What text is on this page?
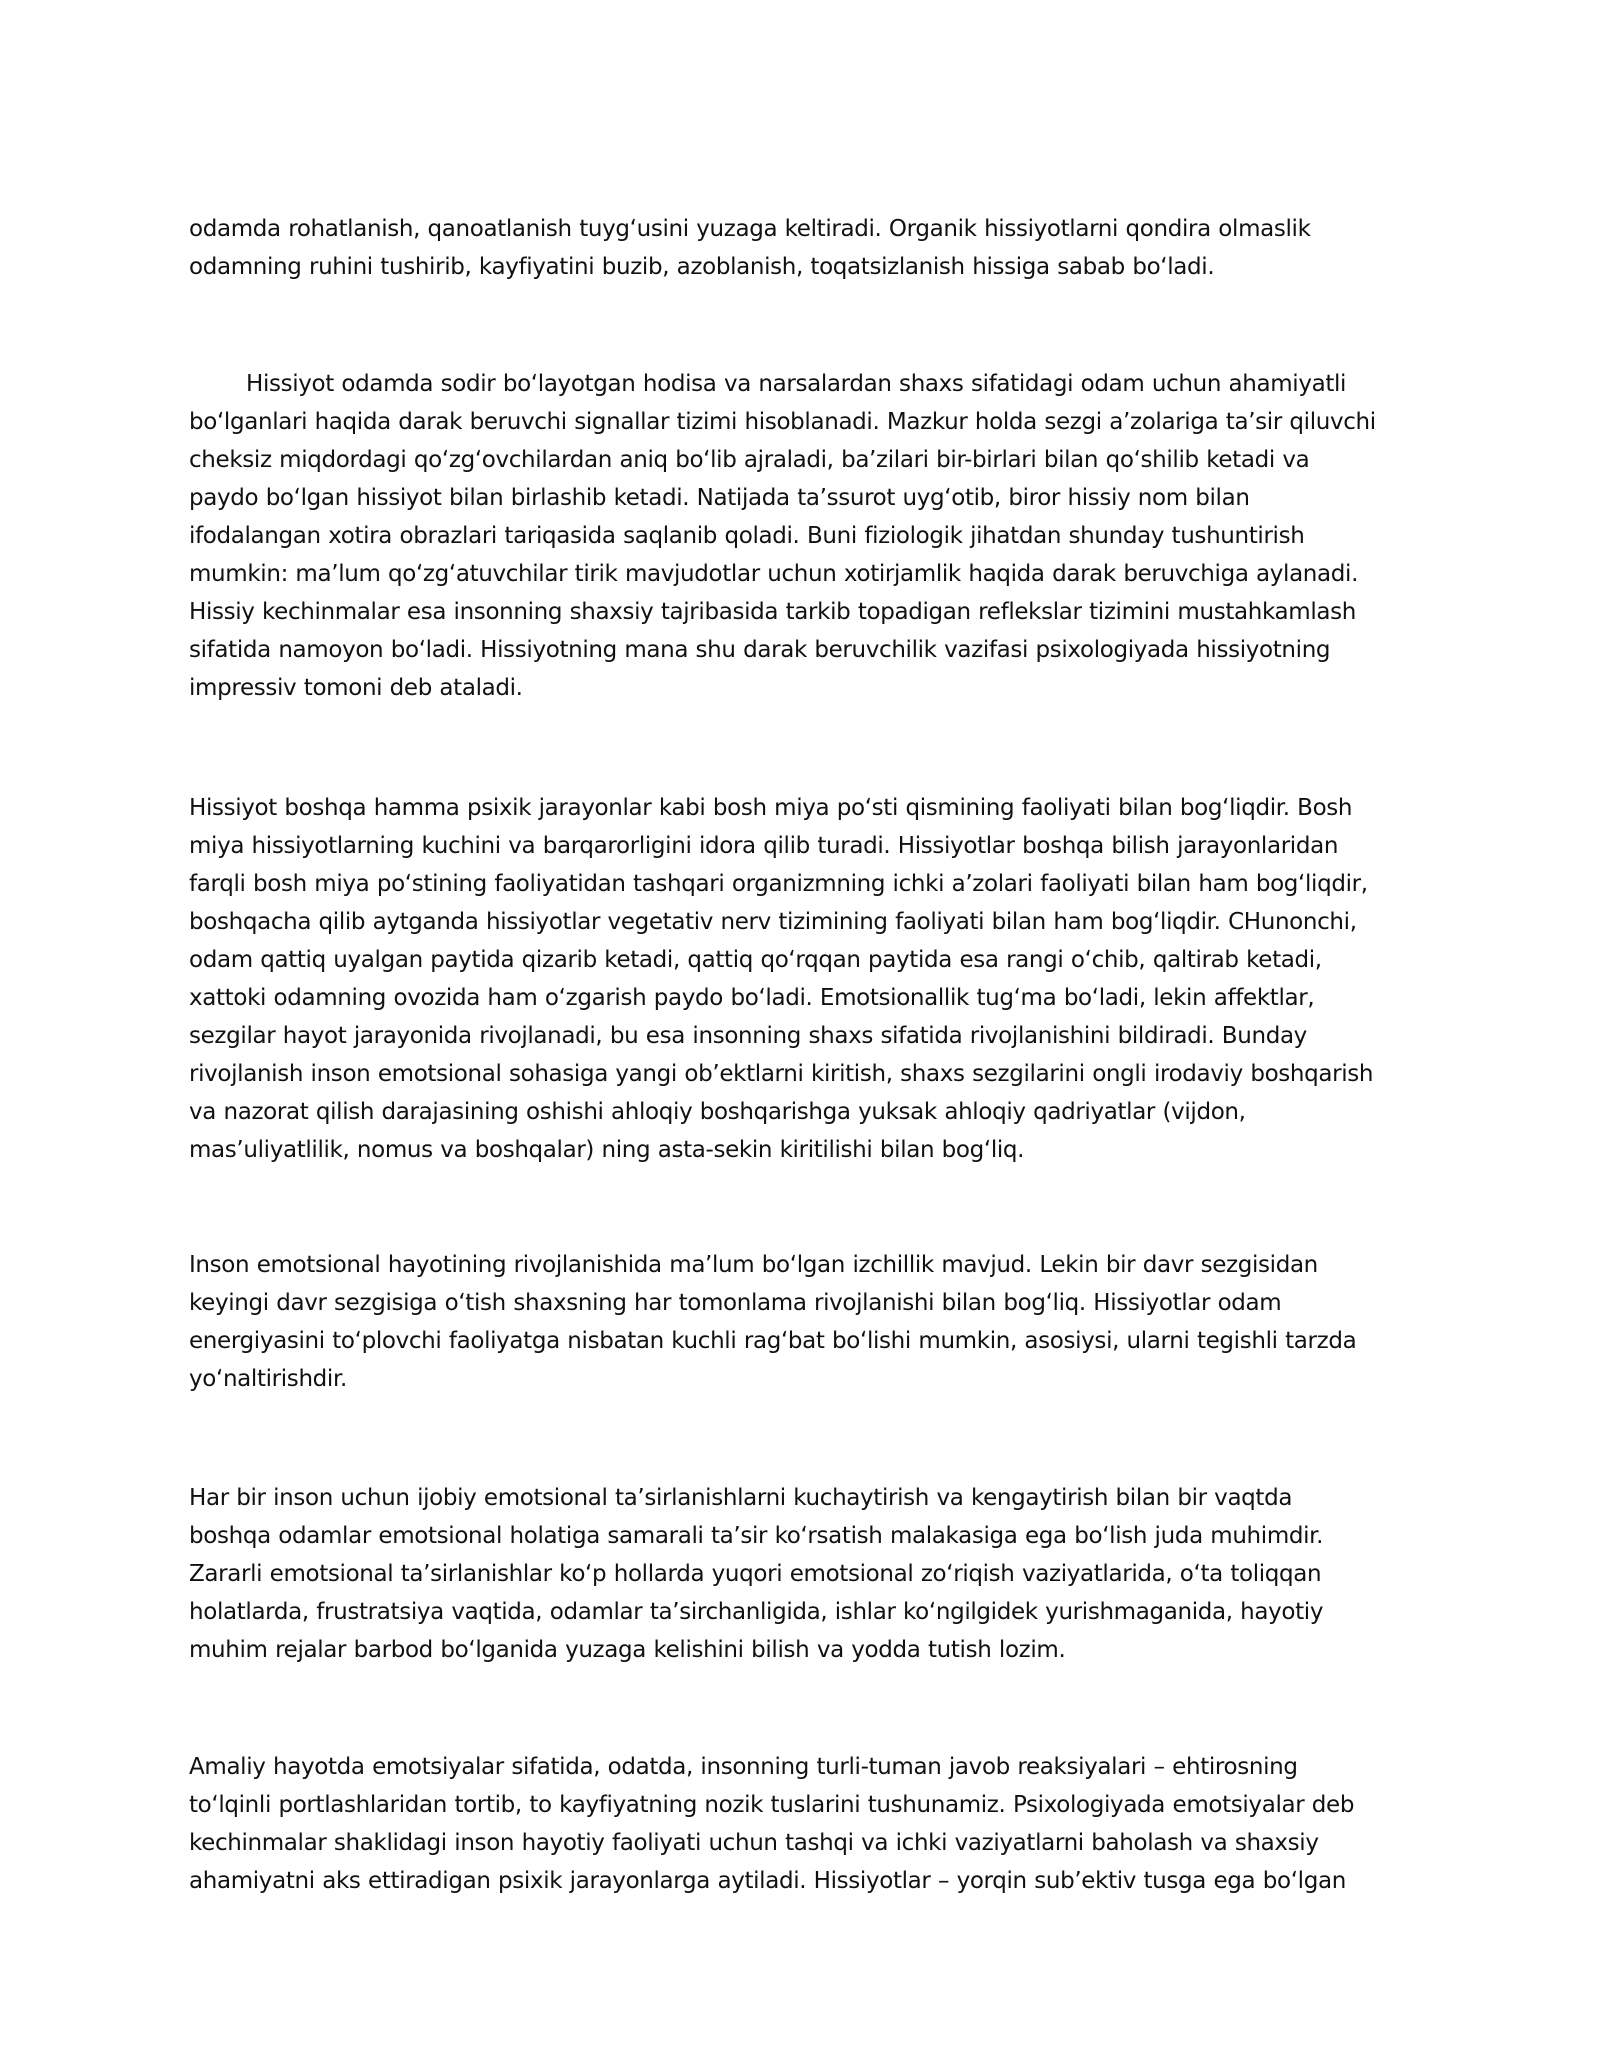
odamda rohatlanish, qanoatlanish tuygʻusini yuzaga keltiradi. Organik hissiyotlarni qondira olmaslik
odamning ruhini tushirib, kayfiyatini buzib, azoblanish, toqatsizlanish hissiga sabab boʻladi.

Hissiyot odamda sodir boʻlayotgan hodisa va narsalardan shaxs sifatidagi odam uchun ahamiyatli
boʻlganlari haqida darak beruvchi signallar tizimi hisoblanadi. Mazkur holda sezgi a’zolariga ta’sir qiluvchi
cheksiz miqdordagi qoʻzgʻovchilardan aniq boʻlib ajraladi, ba’zilari bir-birlari bilan qoʻshilib ketadi va
paydo boʻlgan hissiyot bilan birlashib ketadi. Natijada ta’ssurot uygʻotib, biror hissiy nom bilan
ifodalangan xotira obrazlari tariqasida saqlanib qoladi. Buni fiziologik jihatdan shunday tushuntirish
mumkin: ma’lum qoʻzgʻatuvchilar tirik mavjudotlar uchun xotirjamlik haqida darak beruvchiga aylanadi.
Hissiy kechinmalar esa insonning shaxsiy tajribasida tarkib topadigan reflekslar tizimini mustahkamlash
sifatida namoyon boʻladi. Hissiyotning mana shu darak beruvchilik vazifasi psixologiyada hissiyotning
impressiv tomoni deb ataladi.

Hissiyot boshqa hamma psixik jarayonlar kabi bosh miya poʻsti qismining faoliyati bilan bogʻliqdir. Bosh
miya hissiyotlarning kuchini va barqarorligini idora qilib turadi. Hissiyotlar boshqa bilish jarayonlaridan
farqli bosh miya poʻstining faoliyatidan tashqari organizmning ichki a’zolari faoliyati bilan ham bogʻliqdir,
boshqacha qilib aytganda hissiyotlar vegetativ nerv tizimining faoliyati bilan ham bogʻliqdir. CHunonchi,
odam qattiq uyalgan paytida qizarib ketadi, qattiq qoʻrqqan paytida esa rangi oʻchib, qaltirab ketadi,
xattoki odamning ovozida ham oʻzgarish paydo boʻladi. Emotsionallik tugʻma boʻladi, lekin affektlar,
sezgilar hayot jarayonida rivojlanadi, bu esa insonning shaxs sifatida rivojlanishini bildiradi. Bunday
rivojlanish inson emotsional sohasiga yangi ob’ektlarni kiritish, shaxs sezgilarini ongli irodaviy boshqarish
va nazorat qilish darajasining oshishi ahloqiy boshqarishga yuksak ahloqiy qadriyatlar (vijdon,
mas’uliyatlilik, nomus va boshqalar) ning asta-sekin kiritilishi bilan bogʻliq.

Inson emotsional hayotining rivojlanishida ma’lum boʻlgan izchillik mavjud. Lekin bir davr sezgisidan
keyingi davr sezgisiga oʻtish shaxsning har tomonlama rivojlanishi bilan bogʻliq. Hissiyotlar odam
energiyasini toʻplovchi faoliyatga nisbatan kuchli ragʻbat boʻlishi mumkin, asosiysi, ularni tegishli tarzda
yoʻnaltirishdir.

Har bir inson uchun ijobiy emotsional ta’sirlanishlarni kuchaytirish va kengaytirish bilan bir vaqtda
boshqa odamlar emotsional holatiga samarali ta’sir koʻrsatish malakasiga ega boʻlish juda muhimdir.
Zararli emotsional ta’sirlanishlar koʻp hollarda yuqori emotsional zoʻriqish vaziyatlarida, oʻta toliqqan
holatlarda, frustratsiya vaqtida, odamlar ta’sirchanligida, ishlar koʻngilgidek yurishmaganida, hayotiy
muhim rejalar barbod boʻlganida yuzaga kelishini bilish va yodda tutish lozim.

Amaliy hayotda emotsiyalar sifatida, odatda, insonning turli-tuman javob reaksiyalari – ehtirosning
toʻlqinli portlashlaridan tortib, to kayfiyatning nozik tuslarini tushunamiz. Psixologiyada emotsiyalar deb
kechinmalar shaklidagi inson hayotiy faoliyati uchun tashqi va ichki vaziyatlarni baholash va shaxsiy
ahamiyatni aks ettiradigan psixik jarayonlarga aytiladi. Hissiyotlar – yorqin sub’ektiv tusga ega boʻlgan
